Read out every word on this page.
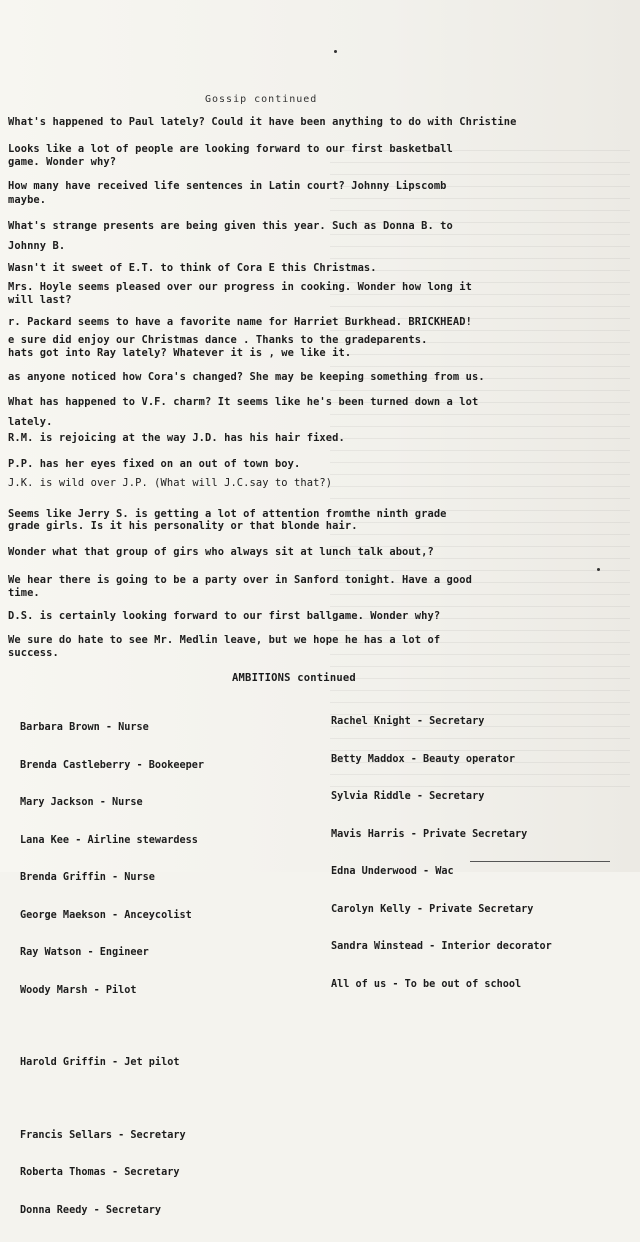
Gossip continued
What's happened to Paul lately? Could it have been anything to do with Christine
Looks like a lot of people are looking forward to our first basketball
game. Wonder why?
How many have received life sentences in Latin court? Johnny Lipscomb
maybe.
What's strange presents are being given this year. Such as Donna B. to
Johnny B.
Wasn't it sweet of E.T. to think of Cora E this Christmas.
Mrs. Hoyle seems pleased over our progress in cooking. Wonder how long it
will last?
r. Packard seems to have a favorite name for Harriet Burkhead. BRICKHEAD!
e sure did enjoy our Christmas dance . Thanks to the gradeparents.
hats got into Ray lately? Whatever it is , we like it.
as anyone noticed how Cora's changed? She may be keeping something from us.
What has happened to V.F. charm? It seems like he's been turned down a lot
lately.
R.M. is rejoicing at the way J.D. has his hair fixed.
P.P. has her eyes fixed on an out of town boy.
J.K. is wild over J.P. (What will J.C.say to that?)
Seems like Jerry S. is getting a lot of attention fromthe ninth grade
grade girls. Is it his personality or that blonde hair.
Wonder what that group of girs who always sit at lunch talk about,?
We hear there is going to be a party over in Sanford tonight. Have a good
time.
D.S. is certainly looking forward to our first ballgame. Wonder why?
We sure do hate to see Mr. Medlin leave, but we hope he has a lot of
success.
AMBITIONS continued

Barbara Brown - Nurse

Brenda Castleberry - Bookeeper

Mary Jackson - Nurse

Lana Kee - Airline stewardess

Brenda Griffin - Nurse

George Maekson - Anceycolist

Ray Watson - Engineer

Woody Marsh - Pilot

Harold Griffin - Jet pilot

Francis Sellars - Secretary

Roberta Thomas - Secretary

Donna Reedy - Secretary

Rachel Knight - Secretary

Betty Maddox - Beauty operator

Sylvia Riddle - Secretary

Mavis Harris - Private Secretary

Edna Underwood - Wac

Carolyn Kelly - Private Secretary

Sandra Winstead - Interior decorator

All of us - To be out of school
